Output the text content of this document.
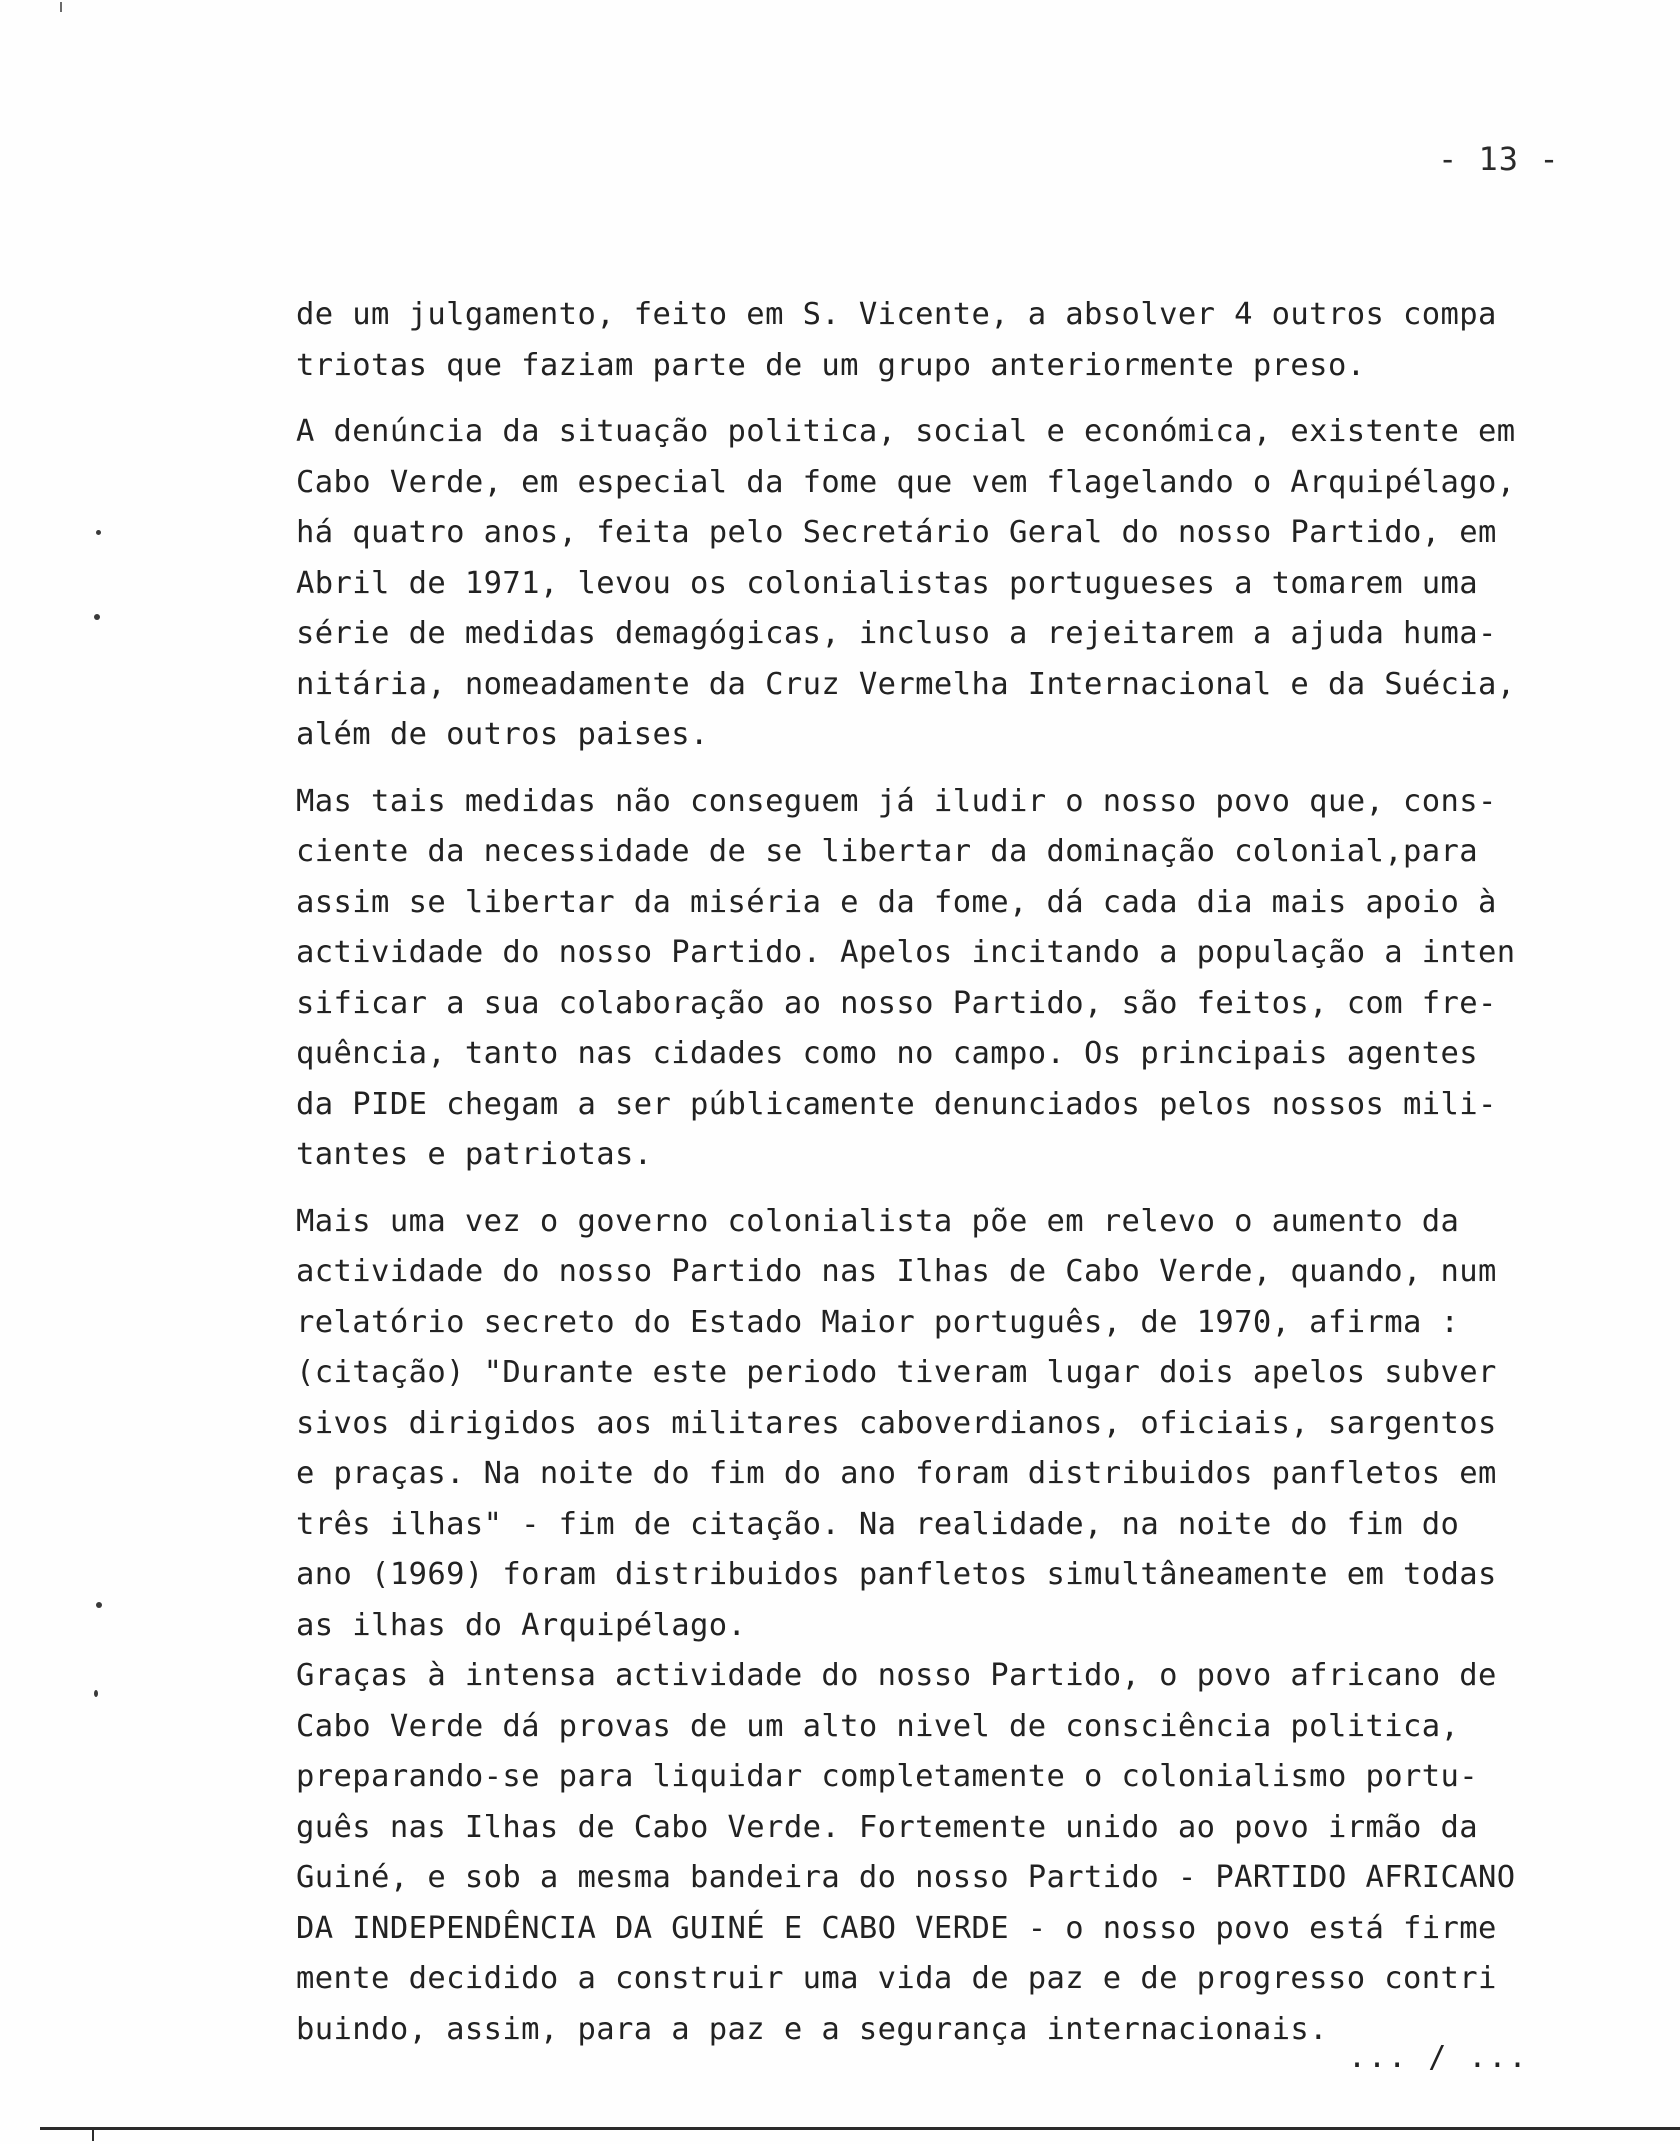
- 13 -
de um julgamento, feito em S. Vicente, a absolver 4 outros compa
triotas que faziam parte de um grupo anteriormente preso.
A denúncia da situação politica, social e económica, existente em
Cabo Verde, em especial da fome que vem flagelando o Arquipélago,
há quatro anos, feita pelo Secretário Geral do nosso Partido, em
Abril de 1971, levou os colonialistas portugueses a tomarem uma
série de medidas demagógicas, incluso a rejeitarem a ajuda huma-
nitária, nomeadamente da Cruz Vermelha Internacional e da Suécia,
além de outros paises.
Mas tais medidas não conseguem já iludir o nosso povo que, cons-
ciente da necessidade de se libertar da dominação colonial,para
assim se libertar da miséria e da fome, dá cada dia mais apoio à
actividade do nosso Partido. Apelos incitando a população a inten
sificar a sua colaboração ao nosso Partido, são feitos, com fre-
quência, tanto nas cidades como no campo. Os principais agentes
da PIDE chegam a ser públicamente denunciados pelos nossos mili-
tantes e patriotas.
Mais uma vez o governo colonialista põe em relevo o aumento da
actividade do nosso Partido nas Ilhas de Cabo Verde, quando, num
relatório secreto do Estado Maior português, de 1970, afirma :
(citação) "Durante este periodo tiveram lugar dois apelos subver
sivos dirigidos aos militares caboverdianos, oficiais, sargentos
e praças. Na noite do fim do ano foram distribuidos panfletos em
três ilhas" - fim de citação. Na realidade, na noite do fim do
ano (1969) foram distribuidos panfletos simultâneamente em todas
as ilhas do Arquipélago.
Graças à intensa actividade do nosso Partido, o povo africano de
Cabo Verde dá provas de um alto nivel de consciência politica,
preparando-se para liquidar completamente o colonialismo portu-
guês nas Ilhas de Cabo Verde. Fortemente unido ao povo irmão da
Guiné, e sob a mesma bandeira do nosso Partido - PARTIDO AFRICANO
DA INDEPENDÊNCIA DA GUINÉ E CABO VERDE - o nosso povo está firme
mente decidido a construir uma vida de paz e de progresso contri
buindo, assim, para a paz e a segurança internacionais.
... / ...
